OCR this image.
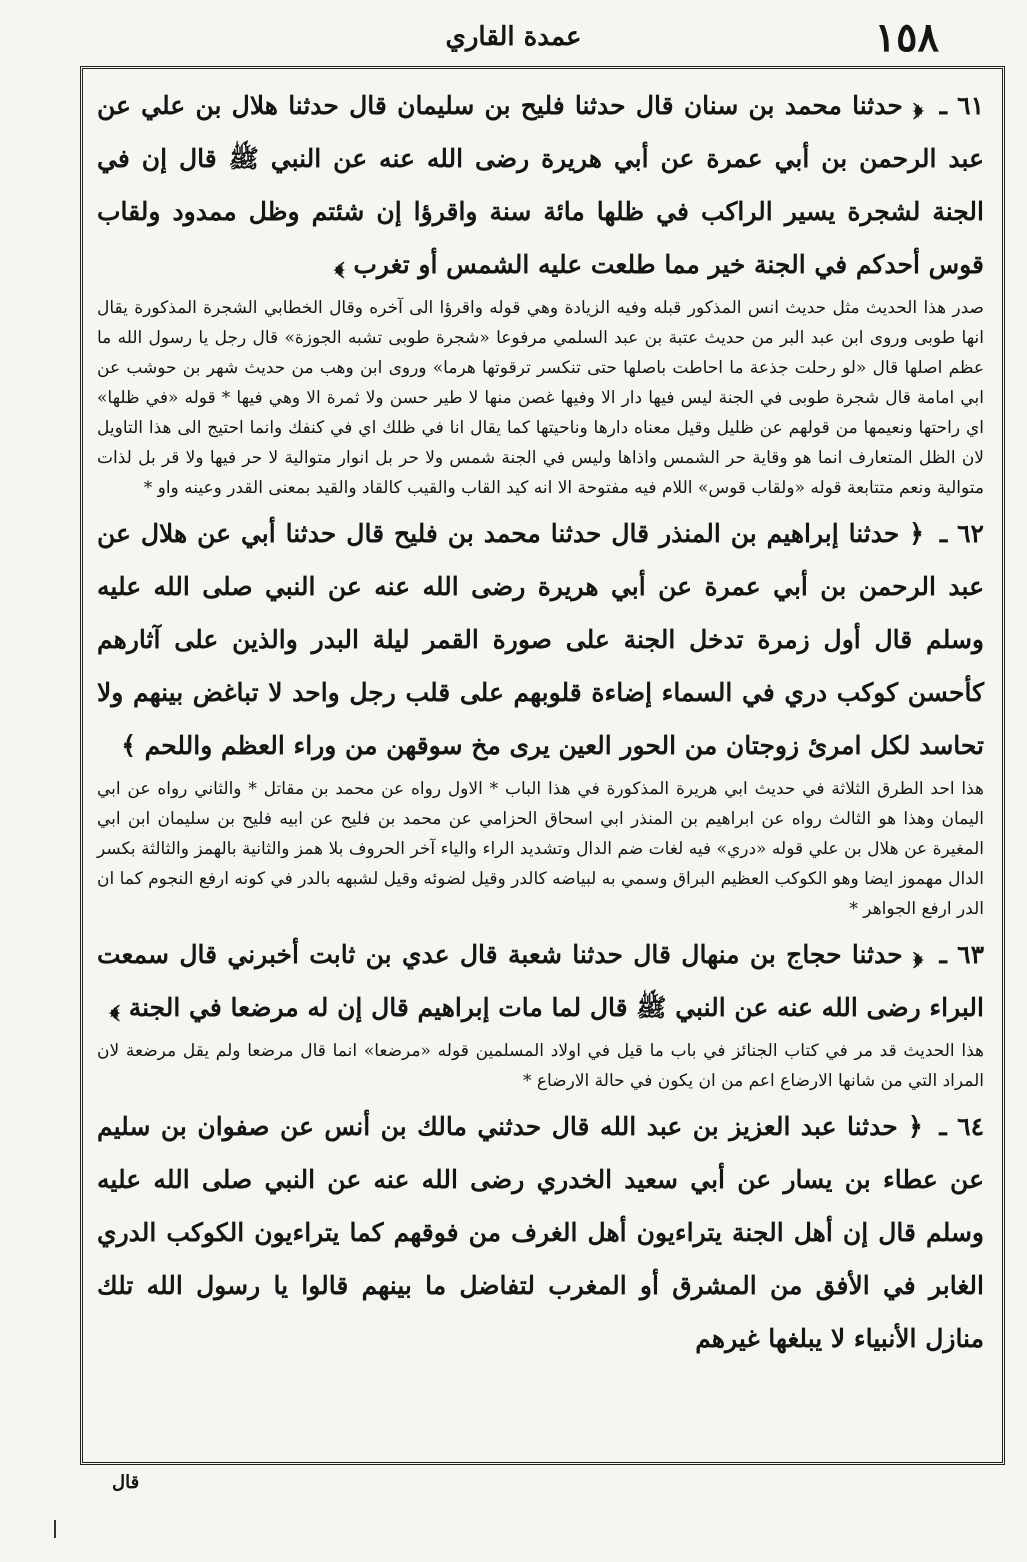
١٥٨
عمدة القاري

٦١ ـ ﴿ حدثنا محمد بن سنان قال حدثنا فليح بن سليمان قال حدثنا هلال بن علي عن عبد الرحمن بن أبي عمرة عن أبي هريرة رضى الله عنه عن النبي ﷺ قال إن في الجنة لشجرة يسير الراكب في ظلها مائة سنة واقرؤا إن شئتم وظل ممدود ولقاب قوس أحدكم في الجنة خير مما طلعت عليه الشمس أو تغرب ﴾

صدر هذا الحديث مثل حديث انس المذكور قبله وفيه الزيادة وهي قوله واقرؤا الى آخره وقال الخطابي الشجرة المذكورة يقال انها طوبى وروى ابن عبد البر من حديث عتبة بن عبد السلمي مرفوعا «شجرة طوبى تشبه الجوزة» قال رجل يا رسول الله ما عظم اصلها قال «لو رحلت جذعة ما احاطت باصلها حتى تنكسر ترقوتها هرما» وروى ابن وهب من حديث شهر بن حوشب عن ابي امامة قال شجرة طوبى في الجنة ليس فيها دار الا وفيها غصن منها لا طير حسن ولا ثمرة الا وهي فيها * قوله «في ظلها» اي راحتها ونعيمها من قولهم عن ظليل وقيل معناه دارها وناحيتها كما يقال انا في ظلك اي في كنفك وانما احتيج الى هذا التاويل لان الظل المتعارف انما هو وقاية حر الشمس واذاها وليس في الجنة شمس ولا حر بل انوار متوالية لا حر فيها ولا قر بل لذات متوالية ونعم متتابعة قوله «ولقاب قوس» اللام فيه مفتوحة الا انه كيد القاب والقيب كالقاد والقيد بمعنى القدر وعينه واو *

٦٢ ـ ﴿ حدثنا إبراهيم بن المنذر قال حدثنا محمد بن فليح قال حدثنا أبي عن هلال عن عبد الرحمن بن أبي عمرة عن أبي هريرة رضى الله عنه عن النبي صلى الله عليه وسلم قال أول زمرة تدخل الجنة على صورة القمر ليلة البدر والذين على آثارهم كأحسن كوكب دري في السماء إضاءة قلوبهم على قلب رجل واحد لا تباغض بينهم ولا تحاسد لكل امرئ زوجتان من الحور العين يرى مخ سوقهن من وراء العظم واللحم ﴾

هذا احد الطرق الثلاثة في حديث ابي هريرة المذكورة في هذا الباب * الاول رواه عن محمد بن مقاتل * والثاني رواه عن ابي اليمان وهذا هو الثالث رواه عن ابراهيم بن المنذر ابي اسحاق الحزامي عن محمد بن فليح عن ابيه فليح بن سليمان ابن ابي المغيرة عن هلال بن علي قوله «دري» فيه لغات ضم الدال وتشديد الراء والياء آخر الحروف بلا همز والثانية بالهمز والثالثة بكسر الدال مهموز ايضا وهو الكوكب العظيم البراق وسمي به لبياضه كالدر وقيل لضوئه وقيل لشبهه بالدر في كونه ارفع النجوم كما ان الدر ارفع الجواهر *

٦٣ ـ ﴿ حدثنا حجاج بن منهال قال حدثنا شعبة قال عدي بن ثابت أخبرني قال سمعت البراء رضى الله عنه عن النبي ﷺ قال لما مات إبراهيم قال إن له مرضعا في الجنة ﴾

هذا الحديث قد مر في كتاب الجنائز في باب ما قيل في اولاد المسلمين قوله «مرضعا» انما قال مرضعا ولم يقل مرضعة لان المراد التي من شانها الارضاع اعم من ان يكون في حالة الارضاع *

٦٤ ـ ﴿ حدثنا عبد العزيز بن عبد الله قال حدثني مالك بن أنس عن صفوان بن سليم عن عطاء بن يسار عن أبي سعيد الخدري رضى الله عنه عن النبي صلى الله عليه وسلم قال إن أهل الجنة يتراءيون أهل الغرف من فوقهم كما يتراءيون الكوكب الدري الغابر في الأفق من المشرق أو المغرب لتفاضل ما بينهم قالوا يا رسول الله تلك منازل الأنبياء لا يبلغها غيرهم

قال
